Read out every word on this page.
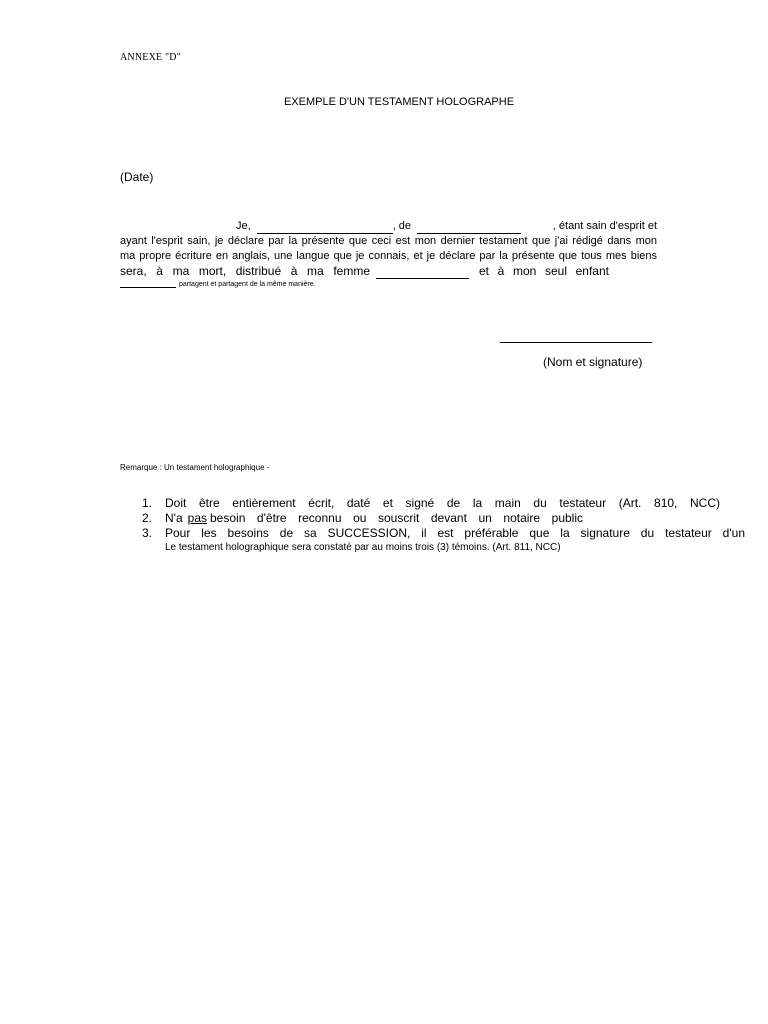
ANNEXE "D"
EXEMPLE D'UN TESTAMENT HOLOGRAPHE
(Date)
Je,	, de	, étant sain d'esprit et
ayant l'esprit sain, je déclare par la présente que ceci est mon dernier testament que j'ai rédigé dans mon
ma propre écriture en anglais, une langue que je connais, et je déclare par la présente que tous mes biens
sera, à ma mort, distribué à ma femme	et à mon seul enfant
partagent et partagent de la même manière.
(Nom et signature)
Remarque : Un testament holographique -
1.	Doit être entièrement écrit, daté et signé de la main du testateur (Art. 810, NCC)
2.	N'a pas besoin d'être reconnu ou souscrit devant un notaire public
3.	Pour les besoins de sa SUCCESSION, il est préférable que la signature du testateur d'un
Le testament holographique sera constaté par au moins trois (3) témoins. (Art. 811, NCC)
